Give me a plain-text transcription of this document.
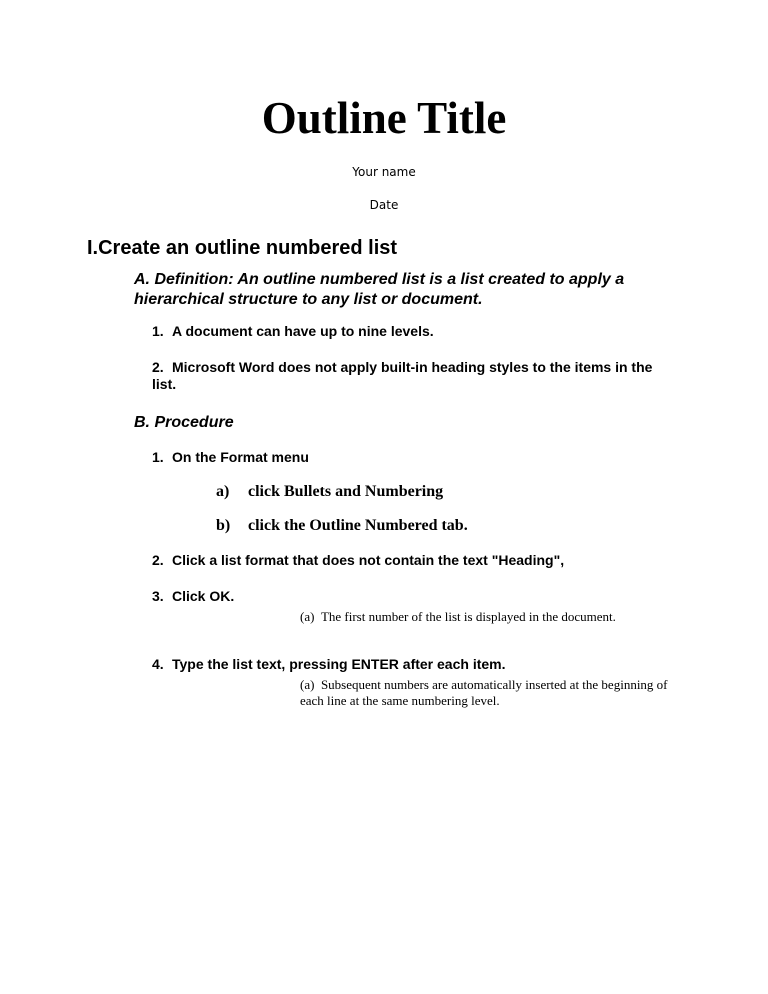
Outline Title
Your name
Date
I.Create an outline numbered list
A. Definition: An outline numbered list is a list created to apply a hierarchical structure to any list or document.
1. A document can have up to nine levels.
2. Microsoft Word does not apply built-in heading styles to the items in the list.
B. Procedure
1. On the Format menu
a) click Bullets and Numbering
b) click the Outline Numbered tab.
2. Click a list format that does not contain the text "Heading",
3. Click OK.
(a) The first number of the list is displayed in the document.
4. Type the list text, pressing ENTER after each item.
(a) Subsequent numbers are automatically inserted at the beginning of each line at the same numbering level.
